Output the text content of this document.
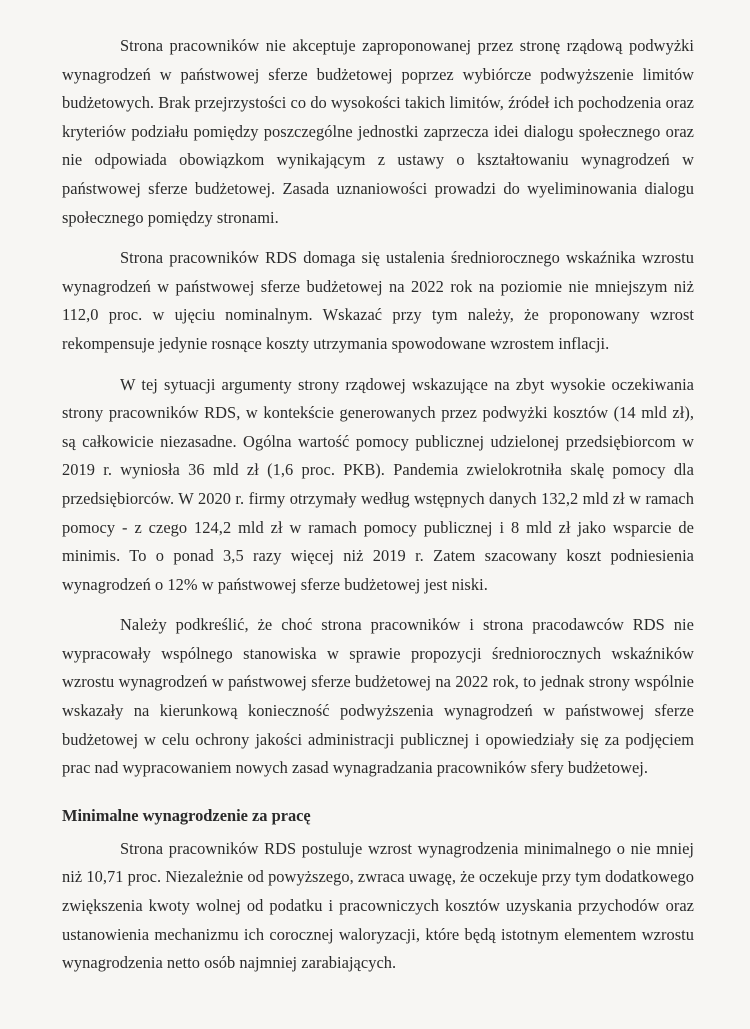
Strona pracowników nie akceptuje zaproponowanej przez stronę rządową podwyżki wynagrodzeń w państwowej sferze budżetowej poprzez wybiórcze podwyższenie limitów budżetowych. Brak przejrzystości co do wysokości takich limitów, źródeł ich pochodzenia oraz kryteriów podziału pomiędzy poszczególne jednostki zaprzecza idei dialogu społecznego oraz nie odpowiada obowiązkom wynikającym z ustawy o kształtowaniu wynagrodzeń w państwowej sferze budżetowej. Zasada uznaniowości prowadzi do wyeliminowania dialogu społecznego pomiędzy stronami.

Strona pracowników RDS domaga się ustalenia średniorocznego wskaźnika wzrostu wynagrodzeń w państwowej sferze budżetowej na 2022 rok na poziomie nie mniejszym niż 112,0 proc. w ujęciu nominalnym. Wskazać przy tym należy, że proponowany wzrost rekompensuje jedynie rosnące koszty utrzymania spowodowane wzrostem inflacji.

W tej sytuacji argumenty strony rządowej wskazujące na zbyt wysokie oczekiwania strony pracowników RDS, w kontekście generowanych przez podwyżki kosztów (14 mld zł), są całkowicie niezasadne. Ogólna wartość pomocy publicznej udzielonej przedsiębiorcom w 2019 r. wyniosła 36 mld zł (1,6 proc. PKB). Pandemia zwielokrotniła skalę pomocy dla przedsiębiorców. W 2020 r. firmy otrzymały według wstępnych danych 132,2 mld zł w ramach pomocy - z czego 124,2 mld zł w ramach pomocy publicznej i 8 mld zł jako wsparcie de minimis. To o ponad 3,5 razy więcej niż 2019 r. Zatem szacowany koszt podniesienia wynagrodzeń o 12% w państwowej sferze budżetowej jest niski.

Należy podkreślić, że choć strona pracowników i strona pracodawców RDS nie wypracowały wspólnego stanowiska w sprawie propozycji średniorocznych wskaźników wzrostu wynagrodzeń w państwowej sferze budżetowej na 2022 rok, to jednak strony wspólnie wskazały na kierunkową konieczność podwyższenia wynagrodzeń w państwowej sferze budżetowej w celu ochrony jakości administracji publicznej i opowiedziały się za podjęciem prac nad wypracowaniem nowych zasad wynagradzania pracowników sfery budżetowej.

Minimalne wynagrodzenie za pracę

Strona pracowników RDS postuluje wzrost wynagrodzenia minimalnego o nie mniej niż 10,71 proc. Niezależnie od powyższego, zwraca uwagę, że oczekuje przy tym dodatkowego zwiększenia kwoty wolnej od podatku i pracowniczych kosztów uzyskania przychodów oraz ustanowienia mechanizmu ich corocznej waloryzacji, które będą istotnym elementem wzrostu wynagrodzenia netto osób najmniej zarabiających.
